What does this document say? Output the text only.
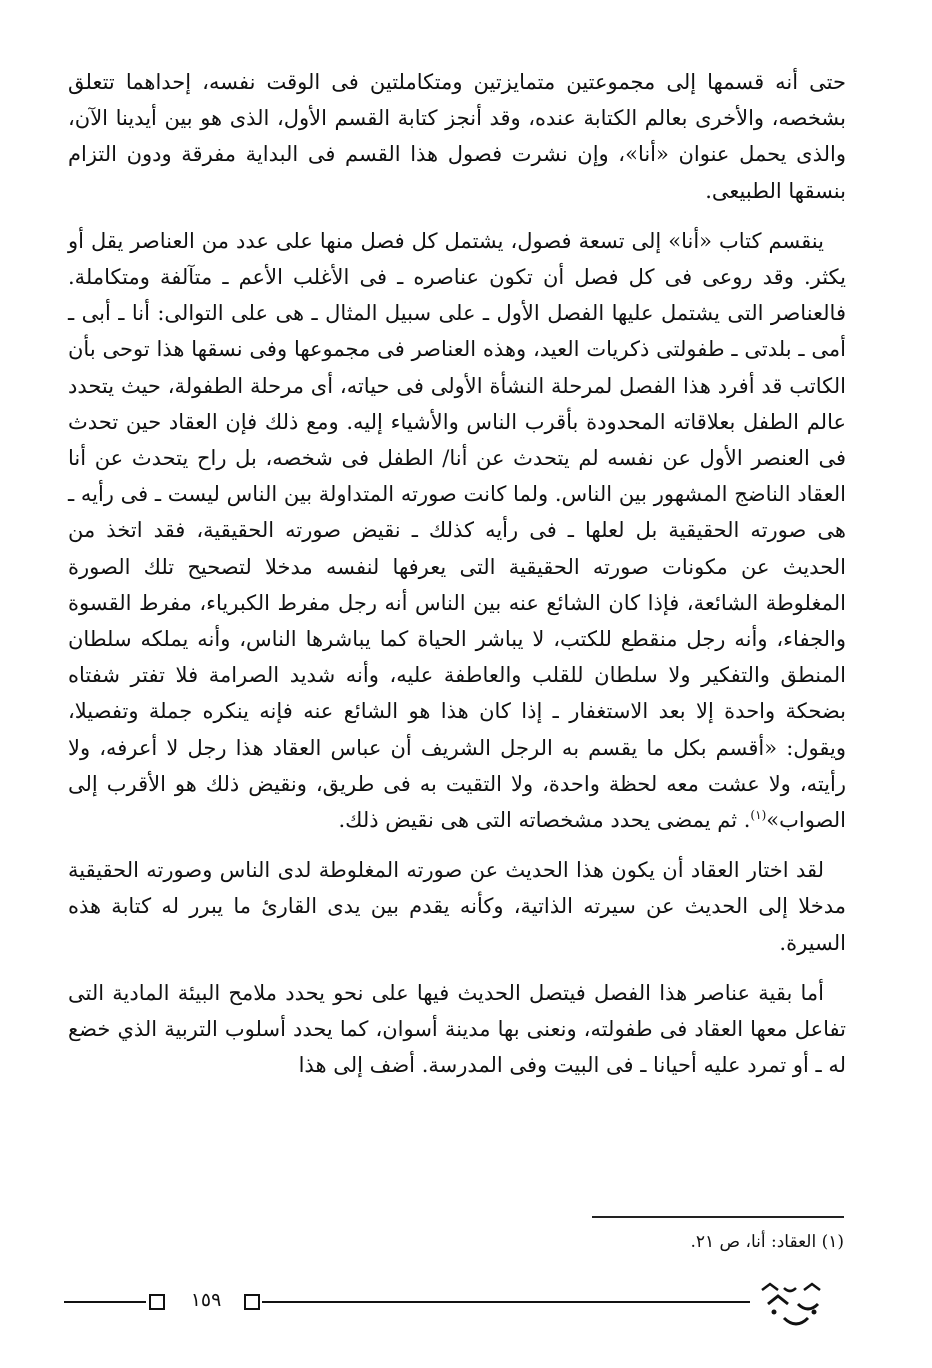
حتى أنه قسمها إلى مجموعتين متمايزتين ومتكاملتين فى الوقت نفسه، إحداهما تتعلق بشخصه، والأخرى بعالم الكتابة عنده، وقد أنجز كتابة القسم الأول، الذى هو بين أيدينا الآن، والذى يحمل عنوان «أنا»، وإن نشرت فصول هذا القسم فى البداية مفرقة ودون التزام بنسقها الطبيعى.

ينقسم كتاب «أنا» إلى تسعة فصول، يشتمل كل فصل منها على عدد من العناصر يقل أو يكثر. وقد روعى فى كل فصل أن تكون عناصره ـ فى الأغلب الأعم ـ متآلفة ومتكاملة. فالعناصر التى يشتمل عليها الفصل الأول ـ على سبيل المثال ـ هى على التوالى: أنا ـ أبى ـ أمى ـ بلدتى ـ طفولتى ذكريات العيد، وهذه العناصر فى مجموعها وفى نسقها هذا توحى بأن الكاتب قد أفرد هذا الفصل لمرحلة النشأة الأولى فى حياته، أى مرحلة الطفولة، حيث يتحدد عالم الطفل بعلاقاته المحدودة بأقرب الناس والأشياء إليه. ومع ذلك فإن العقاد حين تحدث فى العنصر الأول عن نفسه لم يتحدث عن أنا/ الطفل فى شخصه، بل راح يتحدث عن أنا العقاد الناضج المشهور بين الناس. ولما كانت صورته المتداولة بين الناس ليست ـ فى رأيه ـ هى صورته الحقيقية بل لعلها ـ فى رأيه كذلك ـ نقيض صورته الحقيقية، فقد اتخذ من الحديث عن مكونات صورته الحقيقية التى يعرفها لنفسه مدخلا لتصحيح تلك الصورة المغلوطة الشائعة، فإذا كان الشائع عنه بين الناس أنه رجل مفرط الكبرياء، مفرط القسوة والجفاء، وأنه رجل منقطع للكتب، لا يباشر الحياة كما يباشرها الناس، وأنه يملكه سلطان المنطق والتفكير ولا سلطان للقلب والعاطفة عليه، وأنه شديد الصرامة فلا تفتر شفتاه بضحكة واحدة إلا بعد الاستغفار ـ إذا كان هذا هو الشائع عنه فإنه ينكره جملة وتفصيلا، ويقول: «أقسم بكل ما يقسم به الرجل الشريف أن عباس العقاد هذا رجل لا أعرفه، ولا رأيته، ولا عشت معه لحظة واحدة، ولا التقيت به فى طريق، ونقيض ذلك هو الأقرب إلى الصواب»$^{(١)}$. ثم يمضى يحدد مشخصاته التى هى نقيض ذلك.

لقد اختار العقاد أن يكون هذا الحديث عن صورته المغلوطة لدى الناس وصورته الحقيقية مدخلا إلى الحديث عن سيرته الذاتية، وكأنه يقدم بين يدى القارئ ما يبرر له كتابة هذه السيرة.

أما بقية عناصر هذا الفصل فيتصل الحديث فيها على نحو يحدد ملامح البيئة المادية التى تفاعل معها العقاد فى طفولته، ونعنى بها مدينة أسوان، كما يحدد أسلوب التربية الذي خضع له ـ أو تمرد عليه أحيانا ـ فى البيت وفى المدرسة. أضف إلى هذا

(١) العقاد: أنا، ص ٢١.
١٥٩
